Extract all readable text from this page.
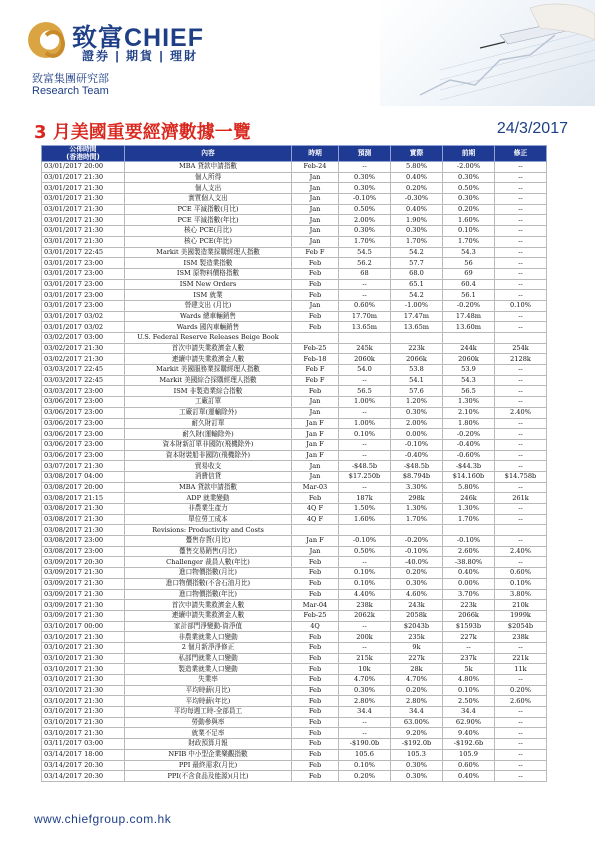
致富CHIEF
證券 | 期貨 | 理財
致富集團研究部
Research Team
3 月美國重要經濟數據一覽	24/3/2017
公佈時間
(香港時間)	內容	時期	預測	實際	前期	修正
03/01/2017 20:00	MBA 貸款申請指數	Feb-24	--	5.80%	-2.00%	--
03/01/2017 21:30	個人所得	Jan	0.30%	0.40%	0.30%	--
03/01/2017 21:30	個人支出	Jan	0.30%	0.20%	0.50%	--
03/01/2017 21:30	實質個人支出	Jan	-0.10%	-0.30%	0.30%	--
03/01/2017 21:30	PCE 平減指數(月比)	Jan	0.50%	0.40%	0.20%	--
03/01/2017 21:30	PCE 平減指數(年比)	Jan	2.00%	1.90%	1.60%	--
03/01/2017 21:30	核心 PCE(月比)	Jan	0.30%	0.30%	0.10%	--
03/01/2017 21:30	核心 PCE(年比)	Jan	1.70%	1.70%	1.70%	--
03/01/2017 22:45	Markit 美國製造業採購經理人指數	Feb F	54.5	54.2	54.3	--
03/01/2017 23:00	ISM 製造業指數	Feb	56.2	57.7	56	--
03/01/2017 23:00	ISM 原物料價格指數	Feb	68	68.0	69	--
03/01/2017 23:00	ISM New Orders	Feb	--	65.1	60.4	--
03/01/2017 23:00	ISM 就業	Feb	--	54.2	56.1	--
03/01/2017 23:00	營建支出 (月比)	Jan	0.60%	-1.00%	-0.20%	0.10%
03/01/2017 03/02	Wards 總車輛銷售	Feb	17.70m	17.47m	17.48m	--
03/01/2017 03/02	Wards 國內車輛銷售	Feb	13.65m	13.65m	13.60m	--
03/02/2017 03:00	U.S. Federal Reserve Releases Beige Book					
03/02/2017 21:30	首次申請失業救濟金人數	Feb-25	245k	223k	244k	254k
03/02/2017 21:30	連續申請失業救濟金人數	Feb-18	2060k	2066k	2060k	2128k
03/03/2017 22:45	Markit 美國服務業採購經理人指數	Feb F	54.0	53.8	53.9	--
03/03/2017 22:45	Markit 美國綜合採購經理人指數	Feb F	--	54.1	54.3	--
03/03/2017 23:00	ISM 非製造業綜合指數	Feb	56.5	57.6	56.5	--
03/06/2017 23:00	工廠訂單	Jan	1.00%	1.20%	1.30%	--
03/06/2017 23:00	工廠訂單(運輸除外)	Jan	--	0.30%	2.10%	2.40%
03/06/2017 23:00	耐久財訂單	Jan F	1.00%	2.00%	1.80%	--
03/06/2017 23:00	耐久財(運輸除外)	Jan F	0.10%	0.00%	-0.20%	--
03/06/2017 23:00	資本財新訂單非國防(飛機除外)	Jan F	--	-0.10%	-0.40%	--
03/06/2017 23:00	資本財裝船非國防(飛機除外)	Jan F	--	-0.40%	-0.60%	--
03/07/2017 21:30	貿易收支	Jan	-$48.5b	-$48.5b	-$44.3b	--
03/08/2017 04:00	消費信貸	Jan	$17.250b	$8.794b	$14.160b	$14.758b
03/08/2017 20:00	MBA 貸款申請指數	Mar-03	--	3.30%	5.80%	--
03/08/2017 21:15	ADP 就業變動	Feb	187k	298k	246k	261k
03/08/2017 21:30	非農業生產力	4Q F	1.50%	1.30%	1.30%	--
03/08/2017 21:30	單位勞工成本	4Q F	1.60%	1.70%	1.70%	--
03/08/2017 21:30	Revisions: Productivity and Costs					
03/08/2017 23:00	躉售存貨(月比)	Jan F	-0.10%	-0.20%	-0.10%	--
03/08/2017 23:00	躉售交易銷售(月比)	Jan	0.50%	-0.10%	2.60%	2.40%
03/09/2017 20:30	Challenger 裁員人數(年比)	Feb	--	-40.0%	-38.80%	--
03/09/2017 21:30	進口物價指數(月比)	Feb	0.10%	0.20%	0.40%	0.60%
03/09/2017 21:30	進口物價指數(不含石油月比)	Feb	0.10%	0.30%	0.00%	0.10%
03/09/2017 21:30	進口物價指數(年比)	Feb	4.40%	4.60%	3.70%	3.80%
03/09/2017 21:30	首次申請失業救濟金人數	Mar-04	238k	243k	223k	210k
03/09/2017 21:30	連續申請失業救濟金人數	Feb-25	2062k	2058k	2066k	1999k
03/10/2017 00:00	家計部門淨變動-資淨值	4Q	--	$2043b	$1593b	$2054b
03/10/2017 21:30	非農業就業人口變動	Feb	200k	235k	227k	238k
03/10/2017 21:30	2 個月新淨淨修正	Feb	--	9k	--	--
03/10/2017 21:30	私部門就業人口變動	Feb	215k	227k	237k	221k
03/10/2017 21:30	製造業就業人口變動	Feb	10k	28k	5k	11k
03/10/2017 21:30	失業率	Feb	4.70%	4.70%	4.80%	--
03/10/2017 21:30	平均時薪(月比)	Feb	0.30%	0.20%	0.10%	0.20%
03/10/2017 21:30	平均時薪(年比)	Feb	2.80%	2.80%	2.50%	2.60%
03/10/2017 21:30	平均每週工時-全部員工	Feb	34.4	34.4	34.4	--
03/10/2017 21:30	勞動參與率	Feb	--	63.00%	62.90%	--
03/10/2017 21:30	就業不足率	Feb	--	9.20%	9.40%	--
03/11/2017 03:00	財政預算月報	Feb	-$190.0b	-$192.0b	-$192.6b	--
03/14/2017 18:00	NFIB 中小型企業樂觀指數	Feb	105.6	105.3	105.9	--
03/14/2017 20:30	PPI 最終需求(月比)	Feb	0.10%	0.30%	0.60%	--
03/14/2017 20:30	PPI(不含食品及能源)(月比)	Feb	0.20%	0.30%	0.40%	--
www.chiefgroup.com.hk
